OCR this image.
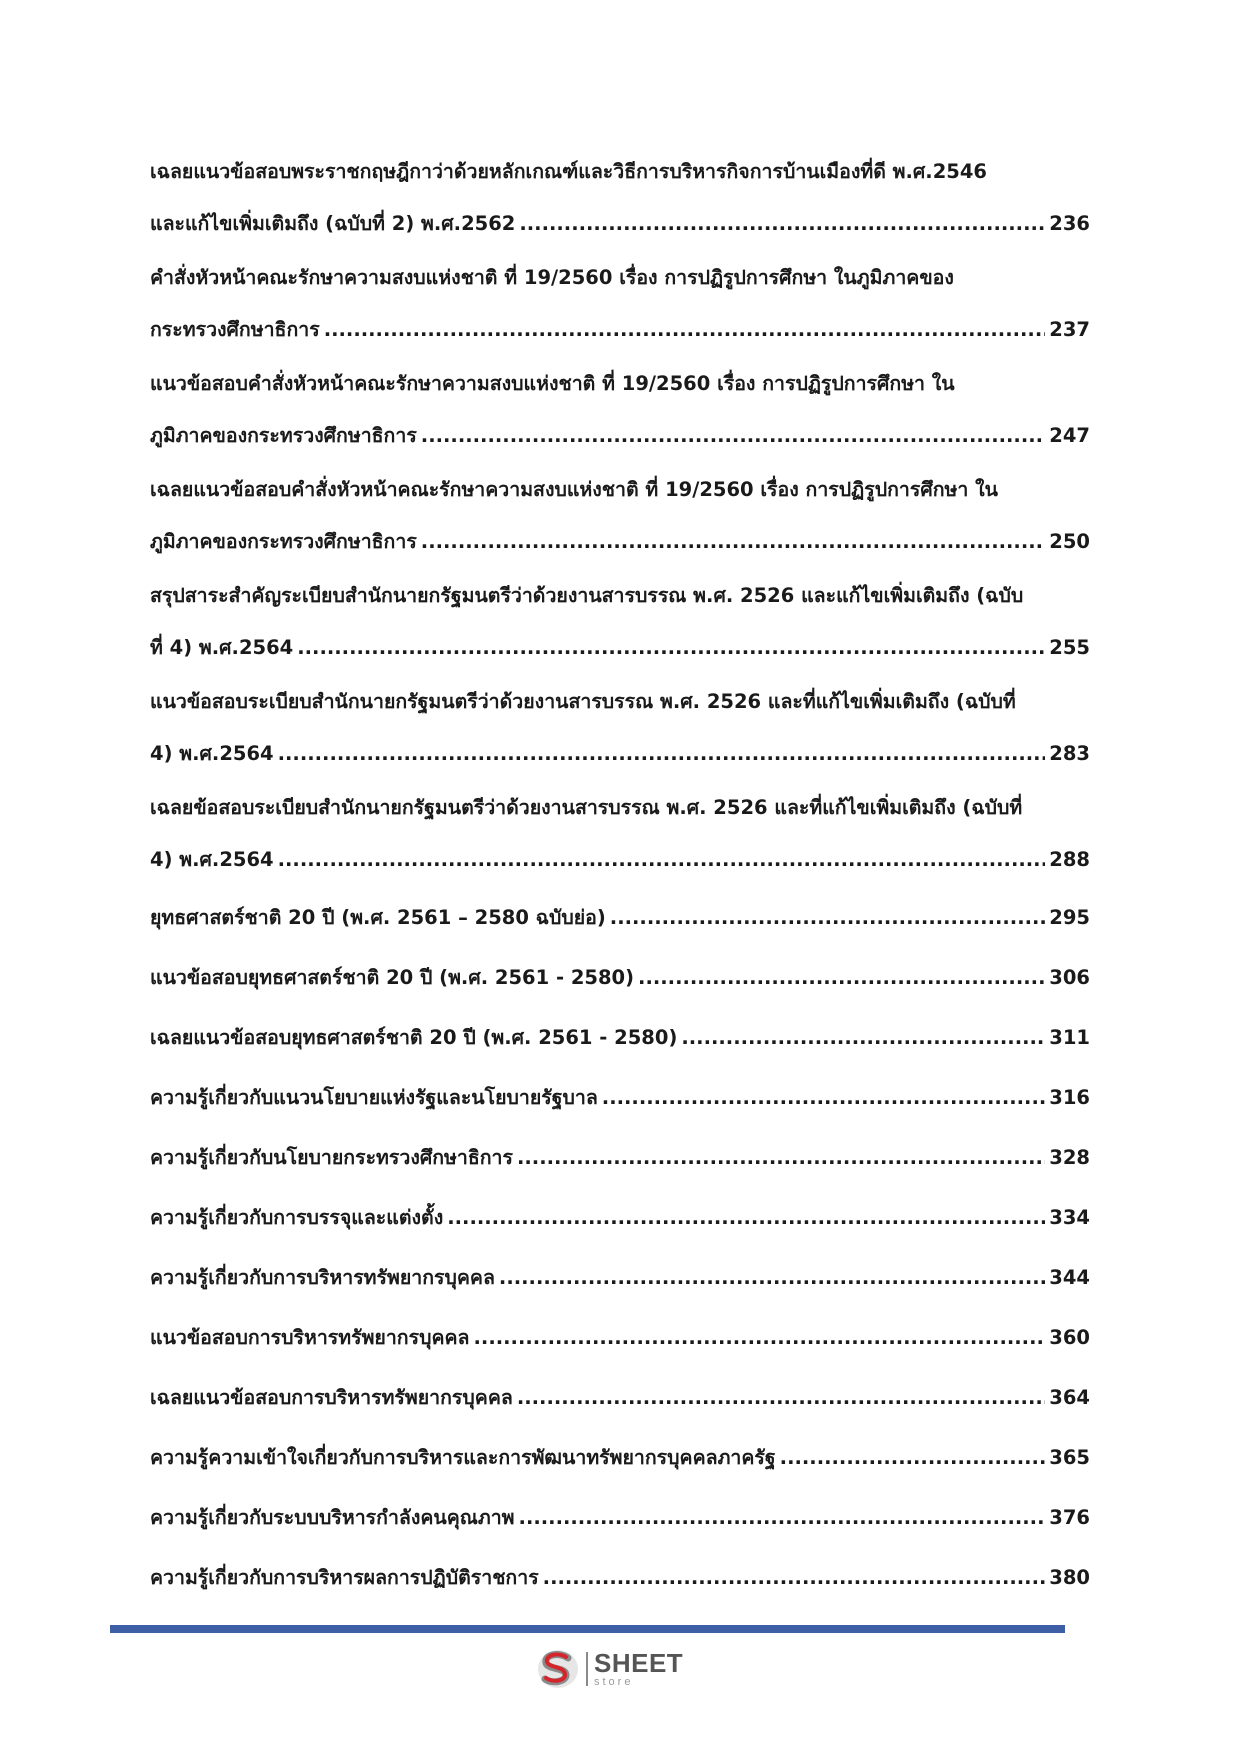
เฉลยแนวข้อสอบพระราชกฤษฎีกาว่าด้วยหลักเกณฑ์และวิธีการบริหารกิจการบ้านเมืองที่ดี พ.ศ.2546
และแก้ไขเพิ่มเติมถึง (ฉบับที่ 2) พ.ศ.2562 .....	236
คำสั่งหัวหน้าคณะรักษาความสงบแห่งชาติ ที่ 19/2560 เรื่อง การปฏิรูปการศึกษา ในภูมิภาคของ
กระทรวงศึกษาธิการ .....	237
แนวข้อสอบคำสั่งหัวหน้าคณะรักษาความสงบแห่งชาติ ที่ 19/2560 เรื่อง การปฏิรูปการศึกษา ใน
ภูมิภาคของกระทรวงศึกษาธิการ .....	247
เฉลยแนวข้อสอบคำสั่งหัวหน้าคณะรักษาความสงบแห่งชาติ ที่ 19/2560 เรื่อง การปฏิรูปการศึกษา ใน
ภูมิภาคของกระทรวงศึกษาธิการ .....	250
สรุปสาระสำคัญระเบียบสำนักนายกรัฐมนตรีว่าด้วยงานสารบรรณ พ.ศ. 2526 และแก้ไขเพิ่มเติมถึง (ฉบับ
ที่ 4) พ.ศ.2564 .....	255
แนวข้อสอบระเบียบสำนักนายกรัฐมนตรีว่าด้วยงานสารบรรณ พ.ศ. 2526 และที่แก้ไขเพิ่มเติมถึง (ฉบับที่
4) พ.ศ.2564 .....	283
เฉลยข้อสอบระเบียบสำนักนายกรัฐมนตรีว่าด้วยงานสารบรรณ พ.ศ. 2526 และที่แก้ไขเพิ่มเติมถึง (ฉบับที่
4) พ.ศ.2564 .....	288
ยุทธศาสตร์ชาติ 20 ปี (พ.ศ. 2561 – 2580 ฉบับย่อ) .....	295
แนวข้อสอบยุทธศาสตร์ชาติ 20 ปี (พ.ศ. 2561 - 2580) .....	306
เฉลยแนวข้อสอบยุทธศาสตร์ชาติ 20 ปี (พ.ศ. 2561 - 2580) .....	311
ความรู้เกี่ยวกับแนวนโยบายแห่งรัฐและนโยบายรัฐบาล .....	316
ความรู้เกี่ยวกับนโยบายกระทรวงศึกษาธิการ .....	328
ความรู้เกี่ยวกับการบรรจุและแต่งตั้ง .....	334
ความรู้เกี่ยวกับการบริหารทรัพยากรบุคคล .....	344
แนวข้อสอบการบริหารทรัพยากรบุคคล .....	360
เฉลยแนวข้อสอบการบริหารทรัพยากรบุคคล .....	364
ความรู้ความเข้าใจเกี่ยวกับการบริหารและการพัฒนาทรัพยากรบุคคลภาครัฐ .....	365
ความรู้เกี่ยวกับระบบบริหารกำลังคนคุณภาพ .....	376
ความรู้เกี่ยวกับการบริหารผลการปฏิบัติราชการ .....	380
SHEET
store
